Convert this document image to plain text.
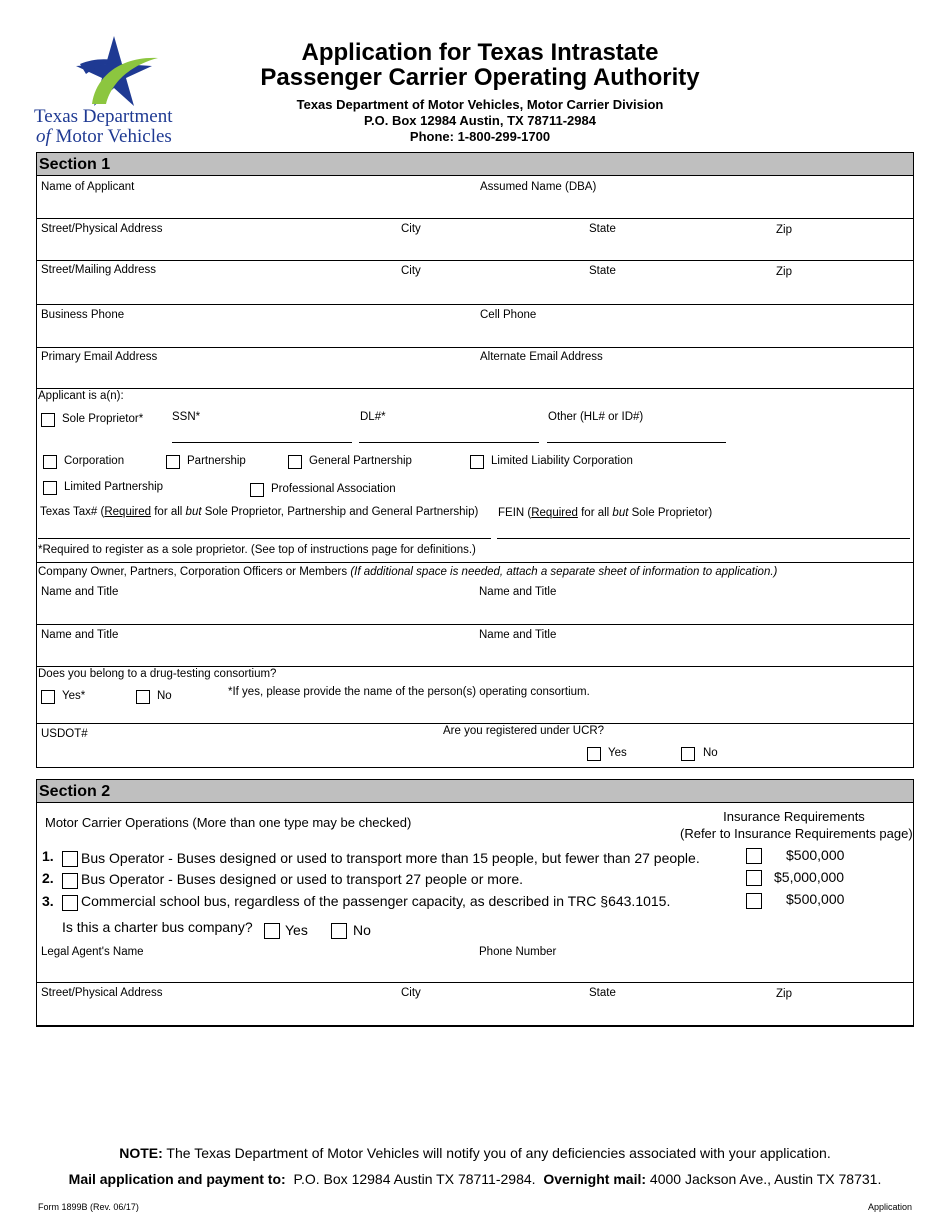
Texas Department
of Motor Vehicles
Application for Texas Intrastate
Passenger Carrier Operating Authority
Texas Department of Motor Vehicles, Motor Carrier Division
P.O. Box 12984 Austin, TX 78711-2984
Phone: 1-800-299-1700
Section 1
Name of Applicant	Assumed Name (DBA)
Street/Physical Address	City	State	Zip
Street/Mailing Address	City	State	Zip
Business Phone	Cell Phone
Primary Email Address	Alternate Email Address
Applicant is a(n):
Sole Proprietor*	SSN*	DL#*	Other (HL# or ID#)
Corporation	Partnership	General Partnership	Limited Liability Corporation
Limited Partnership	Professional Association
Texas Tax# (Required for all but Sole Proprietor, Partnership and General Partnership) FEIN (Required for all but Sole Proprietor)
*Required to register as a sole proprietor. (See top of instructions page for definitions.)
Company Owner, Partners, Corporation Officers or Members (If additional space is needed, attach a separate sheet of information to application.)
Name and Title	Name and Title
Name and Title	Name and Title
Does you belong to a drug-testing consortium?
Yes*	No	*If yes, please provide the name of the person(s) operating consortium.
USDOT#	Are you registered under UCR?
Yes	No
Section 2
Motor Carrier Operations (More than one type may be checked)	Insurance Requirements
(Refer to Insurance Requirements page)
1. Bus Operator - Buses designed or used to transport more than 15 people, but fewer than 27 people.	$500,000
2. Bus Operator - Buses designed or used to transport 27 people or more.	$5,000,000
3. Commercial school bus, regardless of the passenger capacity, as described in TRC §643.1015.	$500,000
Is this a charter bus company? Yes	No
Legal Agent's Name	Phone Number
Street/Physical Address	City	State	Zip
NOTE: The Texas Department of Motor Vehicles will notify you of any deficiencies associated with your application.
Mail application and payment to:  P.O. Box 12984 Austin TX 78711-2984.  Overnight mail: 4000 Jackson Ave., Austin TX 78731.
Form 1899B (Rev. 06/17)	Application
